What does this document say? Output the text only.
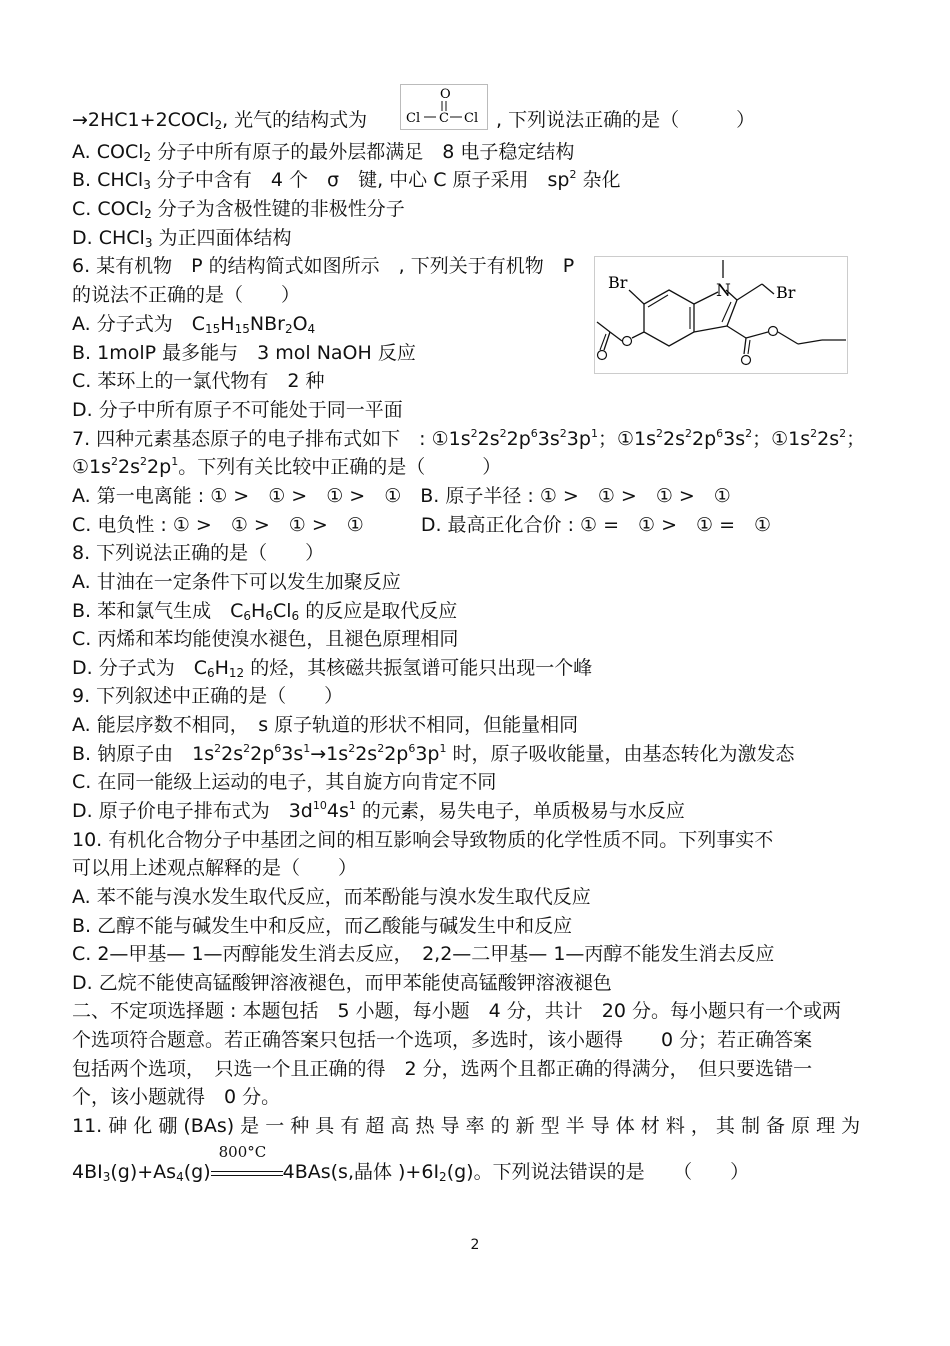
→2HC1+2COCl$_2$, 光气的结构式为
O
Cl C Cl , 下列说法正确的是（　　　）
A. COCl$_2$ 分子中所有原子的最外层都满足　8 电子稳定结构
B. CHCl$_3$ 分子中含有　4 个　σ　键, 中心 C 原子采用　$sp^2$ 杂化
C. COCl$_2$ 分子为含极性键的非极性分子
D. CHCl$_3$ 为正四面体结构
6. 某有机物　P 的结构简式如图所示　, 下列关于有机物　P
的说法不正确的是（　　）
A. 分子式为　$C_{15}H_{15}NBr_2O_4$
B. 1molP 最多能与　3 mol NaOH 反应
C. 苯环上的一氯代物有　2 种
D. 分子中所有原子不可能处于同一平面
N	Br
Br
7. 四种元素基态原子的电子排布式如下　: $①1s^22s^22p^63s^23p^1$；$①1s^22s^22p^63s^2$；$①1s^22s^2$；
$①1s^22s^22p^1$。下列有关比较中正确的是（　　　）
A. 第一电离能 : ① >　① >　① >　①　B. 原子半径 : ① >　① >　① >　①
C. 电负性 : ① >　① >　① >　①　　　D. 最高正化合价 : ① =　① >　① =　①
8. 下列说法正确的是（　　）
A. 甘油在一定条件下可以发生加聚反应
B. 苯和氯气生成　$C_6H_6Cl_6$ 的反应是取代反应
C. 丙烯和苯均能使溴水褪色，且褪色原理相同
D. 分子式为　$C_6H_{12}$ 的烃，其核磁共振氢谱可能只出现一个峰
9. 下列叙述中正确的是（　　）
A. 能层序数不相同，　s 原子轨道的形状不相同，但能量相同
B. 钠原子由　$1s^22s^22p^63s^1\to 1s^22s^22p^63p^1$ 时，原子吸收能量，由基态转化为激发态
C. 在同一能级上运动的电子，其自旋方向肯定不同
D. 原子价电子排布式为　$3d^{10}4s^1$ 的元素，易失电子，单质极易与水反应
10. 有机化合物分子中基团之间的相互影响会导致物质的化学性质不同。下列事实不
可以用上述观点解释的是（　　）
A. 苯不能与溴水发生取代反应，而苯酚能与溴水发生取代反应
B. 乙醇不能与碱发生中和反应，而乙酸能与碱发生中和反应
C. 2—甲基— 1—丙醇能发生消去反应，　2,2—二甲基— 1—丙醇不能发生消去反应
D. 乙烷不能使高锰酸钾溶液褪色，而甲苯能使高锰酸钾溶液褪色
二、不定项选择题 : 本题包括　5 小题，每小题　4 分，共计　20 分。每小题只有一个或两
个选项符合题意。若正确答案只包括一个选项，多选时，该小题得　　0 分；若正确答案
包括两个选项，　只选一个且正确的得　2 分，选两个且都正确的得满分，　但只要选错一
个，该小题就得　0 分。
11. 砷 化 硼 (BAs) 是 一 种 具 有 超 高 热 导 率 的 新 型 半 导 体 材 料 ， 其 制 备 原 理 为
$4BI_3(g)+As_4(g)$
800°C
4BAs(s,晶体 )$+6I_2(g)$。下列说法错误的是　　（　　）
2
